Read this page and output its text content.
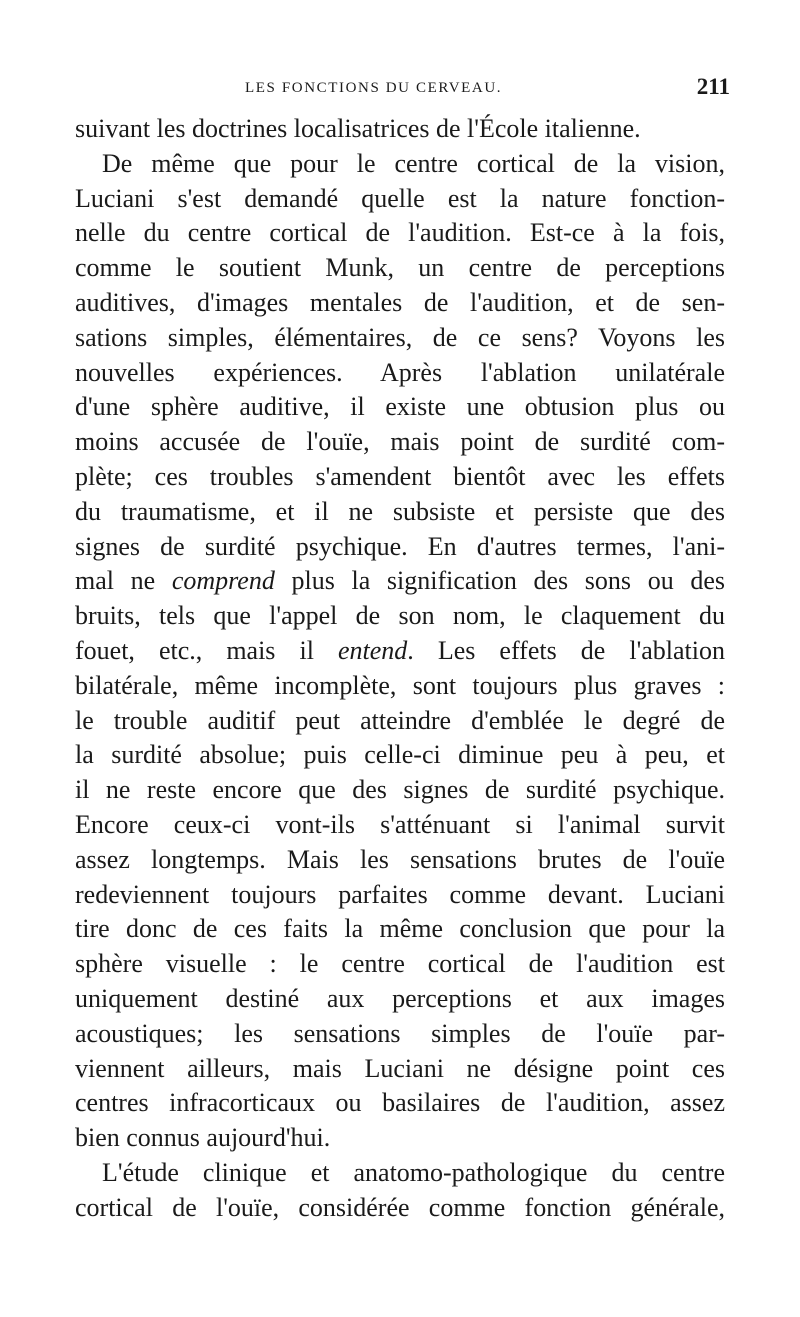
LES FONCTIONS DU CERVEAU.	211
suivant les doctrines localisatrices de l'École italienne.
De même que pour le centre cortical de la vision,
Luciani s'est demandé quelle est la nature fonction-
nelle du centre cortical de l'audition. Est-ce à la fois,
comme le soutient Munk, un centre de perceptions
auditives, d'images mentales de l'audition, et de sen-
sations simples, élémentaires, de ce sens? Voyons les
nouvelles expériences. Après l'ablation unilatérale
d'une sphère auditive, il existe une obtusion plus ou
moins accusée de l'ouïe, mais point de surdité com-
plète; ces troubles s'amendent bientôt avec les effets
du traumatisme, et il ne subsiste et persiste que des
signes de surdité psychique. En d'autres termes, l'ani-
mal ne comprend plus la signification des sons ou des
bruits, tels que l'appel de son nom, le claquement du
fouet, etc., mais il entend. Les effets de l'ablation
bilatérale, même incomplète, sont toujours plus graves :
le trouble auditif peut atteindre d'emblée le degré de
la surdité absolue; puis celle-ci diminue peu à peu, et
il ne reste encore que des signes de surdité psychique.
Encore ceux-ci vont-ils s'atténuant si l'animal survit
assez longtemps. Mais les sensations brutes de l'ouïe
redeviennent toujours parfaites comme devant. Luciani
tire donc de ces faits la même conclusion que pour la
sphère visuelle : le centre cortical de l'audition est
uniquement destiné aux perceptions et aux images
acoustiques; les sensations simples de l'ouïe par-
viennent ailleurs, mais Luciani ne désigne point ces
centres infracorticaux ou basilaires de l'audition, assez
bien connus aujourd'hui.
L'étude clinique et anatomo-pathologique du centre
cortical de l'ouïe, considérée comme fonction générale,
